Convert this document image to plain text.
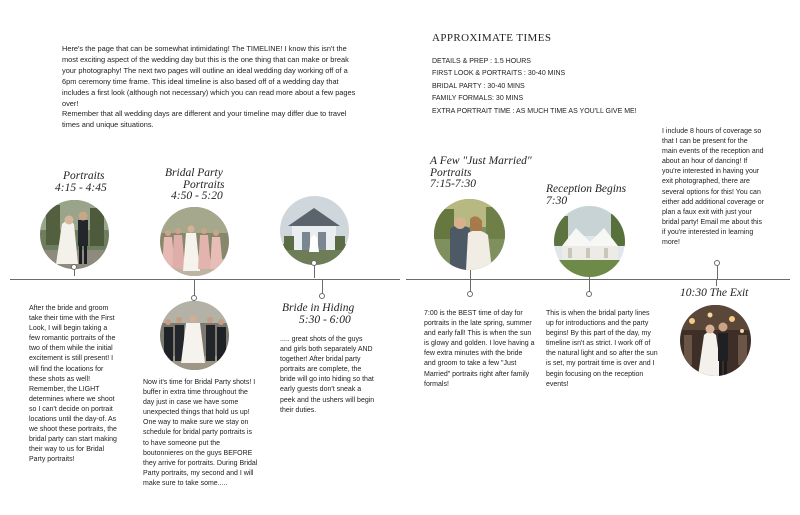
Here's the page that can be somewhat intimidating! The TIMELINE! I know this isn't the most exciting aspect of the wedding day but this is the one thing that can make or break your photography! The next two pages will outline an ideal wedding day working off of a 6pm ceremony time frame. This ideal timeline is also based off of a wedding day that includes a first look (although not necessary) which you can read more about a few pages over!

Remember that all wedding days are different and your timeline may differ due to travel times and unique situations.

Portraits
4:15 - 4:45
After the bride and groom take their time with the First Look, I will begin taking a few romantic portraits of the two of them while the initial excitement is still present! I will find the locations for these shots as well! Remember, the LIGHT determines where we shoot so I can't decide on portrait locations until the day-of. As we shoot these portraits, the bridal party can start making their way to us for Bridal Party portraits!
Bridal Party
Portraits
4:50 - 5:20
Now it's time for Bridal Party shots! I buffer in extra time throughout the day just in case we have some unexpected things that hold us up! One way to make sure we stay on schedule for bridal party portraits is to have someone put the boutonnieres on the guys BEFORE they arrive for portraits. During Bridal Party portraits, my second and I will make sure to take some.....
Bride in Hiding
5:30 - 6:00
..... great shots of the guys and girls both separately AND together! After bridal party portraits are complete, the bride will go into hiding so that early guests don't sneak a peek and the ushers will begin their duties.
APPROXIMATE TIMES
DETAILS & PREP : 1.5 HOURS
FIRST LOOK & PORTRAITS : 30-40 MINS
BRIDAL PARTY : 30-40 MINS
FAMILY FORMALS: 30 MINS
EXTRA PORTRAIT TIME : AS MUCH TIME AS YOU'LL GIVE ME!
A Few "Just Married"
Portraits
7:15-7:30
7:00 is the BEST time of day for portraits in the late spring, summer and early fall! This is when the sun is glowy and golden. I love having a few extra minutes with the bride and groom to take a few "Just Married" portraits right after family formals!
Reception Begins
7:30
This is when the bridal party lines up for introductions and the party begins! By this part of the day, my timeline isn't as strict. I work off of the natural light and so after the sun is set, my portrait time is over and I begin focusing on the reception events!
I include 8 hours of coverage so that I can be present for the main events of the reception and about an hour of dancing! If you're interested in having your exit photographed, there are several options for this! You can either add additional coverage or plan a faux exit with just your bridal party! Email me about this if you're interested in learning more!
10:30 The Exit
